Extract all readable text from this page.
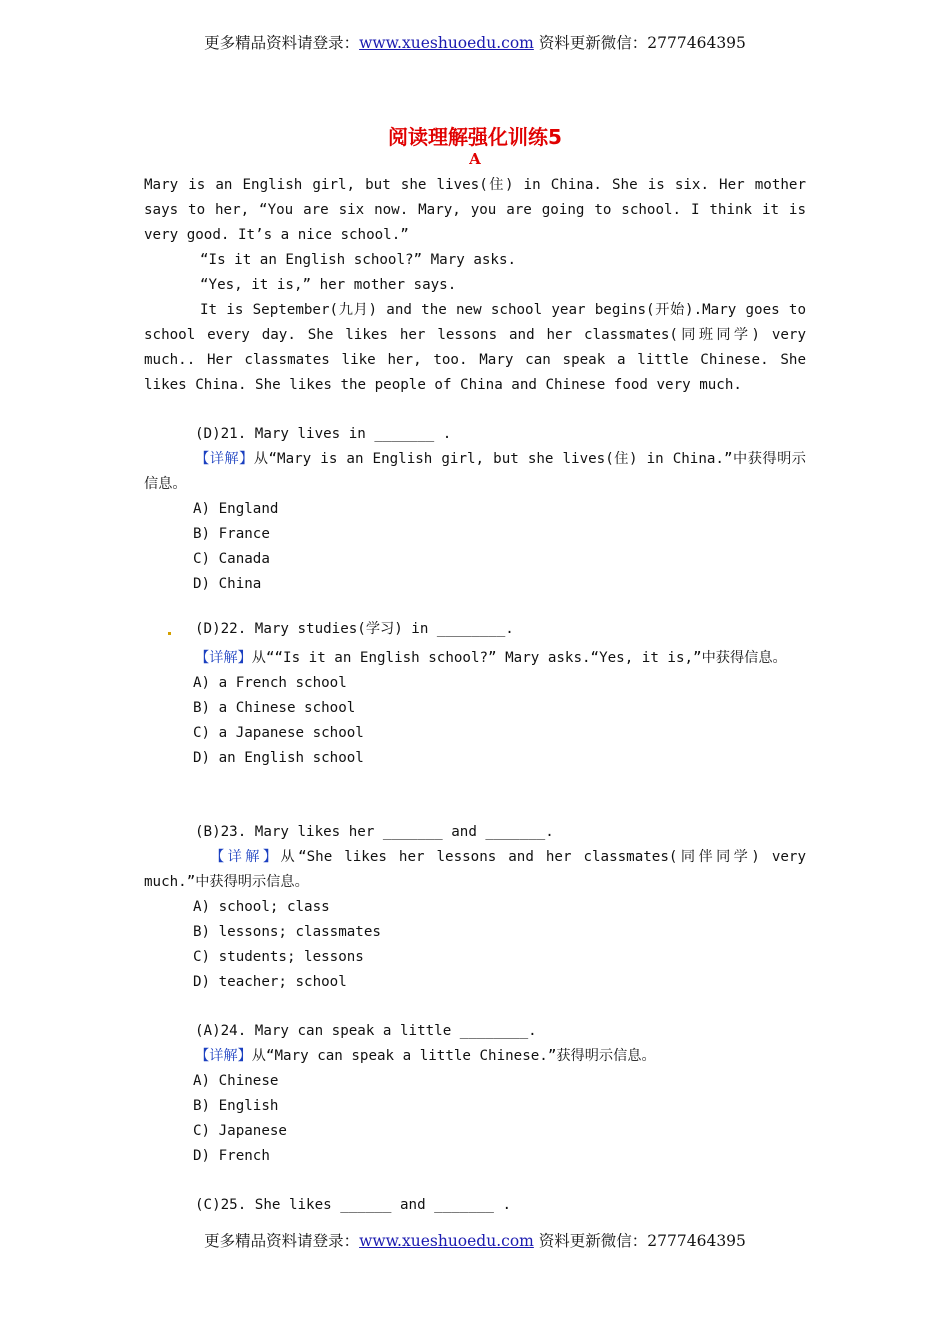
更多精品资料请登录：www.xueshuoedu.com 资料更新微信：2777464395
阅读理解强化训练5
A

Mary is an English girl, but she lives(住) in China. She is six. Her mother says to her, “You are six now. Mary, you are going to school. I think it is very good. It’s a nice school.”

“Is it an English school?” Mary asks.

“Yes, it is,” her mother says.

It is September(九月) and the new school year begins(开始).Mary goes to school every day. She likes her lessons and her classmates(同班同学) very much.. Her classmates like her, too. Mary can speak a little Chinese. She likes China. She likes the people of China and Chinese food very much.

(D)21. Mary lives in _______ .
【详解】从“Mary is an English girl, but she lives(住) in China.”中获得明示信息。
A) England
B) France
C) Canada
D) China
(D)22. Mary studies(学习) in ________.
【详解】从““Is it an English school?” Mary asks.“Yes, it is,”中获得信息。
A) a French school
B) a Chinese school
C) a Japanese school
D) an English school
(B)23. Mary likes her _______ and _______.
【详解】从“She likes her lessons and her classmates(同伴同学) very much.”中获得明示信息。
A) school; class
B) lessons; classmates
C) students; lessons
D) teacher; school
(A)24. Mary can speak a little ________.
【详解】从“Mary can speak a little Chinese.”获得明示信息。
A) Chinese
B) English
C) Japanese
D) French
(C)25. She likes ______ and _______ .
更多精品资料请登录：www.xueshuoedu.com 资料更新微信：2777464395
